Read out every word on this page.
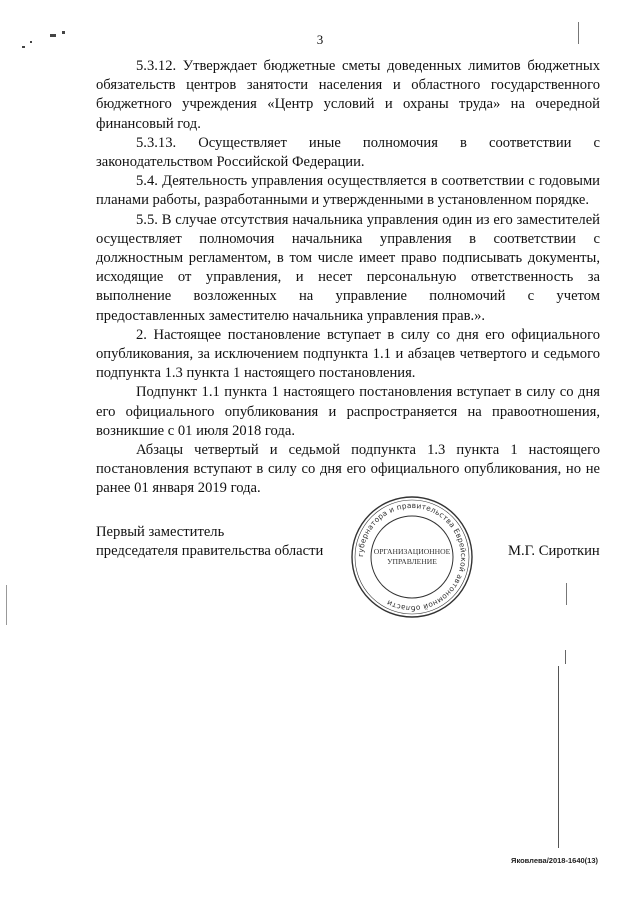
3

5.3.12. Утверждает бюджетные сметы доведенных лимитов бюджетных обязательств центров занятости населения и областного государственного бюджетного учреждения «Центр условий и охраны труда» на очередной финансовый год.

5.3.13. Осуществляет иные полномочия в соответствии с законодательством Российской Федерации.

5.4. Деятельность управления осуществляется в соответствии с годовыми планами работы, разработанными и утвержденными в установленном порядке.

5.5. В случае отсутствия начальника управления один из его заместителей осуществляет полномочия начальника управления в соответствии с должностным регламентом, в том числе имеет право подписывать документы, исходящие от управления, и несет персональную ответственность за выполнение возложенных на управление полномочий с учетом предоставленных заместителю начальника управления прав.».

2. Настоящее постановление вступает в силу со дня его официального опубликования, за исключением подпункта 1.1 и абзацев четвертого и седьмого подпункта 1.3 пункта 1 настоящего постановления.

Подпункт 1.1 пункта 1 настоящего постановления вступает в силу со дня его официального опубликования и распространяется на правоотношения, возникшие с 01 июля 2018 года.

Абзацы четвертый и седьмой подпункта 1.3 пункта 1 настоящего постановления вступают в силу со дня его официального опубликования, но не ранее 01 января 2019 года.

Первый заместитель
председателя правительства области	М.Г. Сироткин
губернатора и правительства Еврейской автономной области
ОРГАНИЗАЦИОННОЕ
УПРАВЛЕНИЕ
Яковлева/2018-1640(13)
